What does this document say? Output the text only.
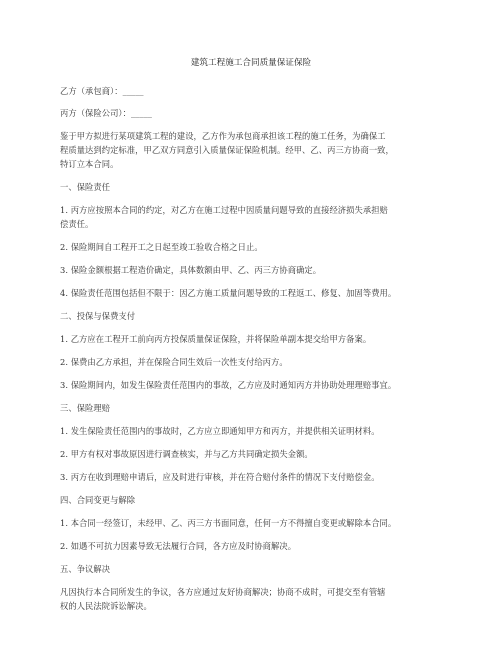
建筑工程施工合同质量保证保险
乙方（承包商）：_____
丙方（保险公司）：_____
鉴于甲方拟进行某项建筑工程的建设，乙方作为承包商承担该工程的施工任务，为确保工
程质量达到约定标准，甲乙双方同意引入质量保证保险机制。经甲、乙、丙三方协商一致，
特订立本合同。
一、保险责任
1. 丙方应按照本合同的约定，对乙方在施工过程中因质量问题导致的直接经济损失承担赔
偿责任。
2. 保险期间自工程开工之日起至竣工验收合格之日止。
3. 保险金额根据工程造价确定，具体数额由甲、乙、丙三方协商确定。
4. 保险责任范围包括但不限于：因乙方施工质量问题导致的工程返工、修复、加固等费用。
二、投保与保费支付
1. 乙方应在工程开工前向丙方投保质量保证保险，并将保险单副本提交给甲方备案。
2. 保费由乙方承担，并在保险合同生效后一次性支付给丙方。
3. 保险期间内，如发生保险责任范围内的事故，乙方应及时通知丙方并协助处理理赔事宜。
三、保险理赔
1. 发生保险责任范围内的事故时，乙方应立即通知甲方和丙方，并提供相关证明材料。
2. 甲方有权对事故原因进行调查核实，并与乙方共同确定损失金额。
3. 丙方在收到理赔申请后，应及时进行审核，并在符合赔付条件的情况下支付赔偿金。
四、合同变更与解除
1. 本合同一经签订，未经甲、乙、丙三方书面同意，任何一方不得擅自变更或解除本合同。
2. 如遇不可抗力因素导致无法履行合同，各方应及时协商解决。
五、争议解决
凡因执行本合同所发生的争议，各方应通过友好协商解决；协商不成时，可提交至有管辖
权的人民法院诉讼解决。
